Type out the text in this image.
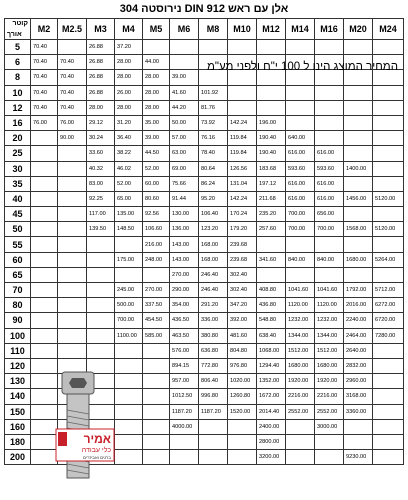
אלן עם ראש DIN 912 נירוסטה 304
קוטר
אורך	M2	M2.5	M3	M4	M5	M6	M8	M10	M12	M14	M16	M20	M24
5	70.40		26.88	37.20									
6	70.40	70.40	26.88	28.00	44.00								
8	70.40	70.40	26.88	28.00	28.00	39.00							
10	70.40	70.40	26.88	26.00	28.00	41.60	101.92						
12	70.40	70.40	28.00	28.00	28.00	44.20	81.76						
16	76.00	76.00	29.12	31.20	35.00	50.00	73.92	142.24	196.00				
20		90.00	30.24	36.40	39.00	57.00	76.16	119.84	190.40	640.00			
25			33.60	38.22	44.50	63.00	78.40	119.84	190.40	616.00	616.00		
30			40.32	46.02	52.00	69.00	80.64	126.56	183.68	593.60	593.60	1400.00	
35			83.00	52.00	60.00	75.66	86.24	131.04	197.12	616.00	616.00		
40			92.25	65.00	80.60	91.44	95.20	142.24	211.68	616.00	616.00	1456.00	5120.00
45			117.00	135.00	92.56	130.00	106.40	170.24	235.20	700.00	656.00		
50			139.50	148.50	106.60	136.00	123.20	179.20	257.60	700.00	700.00	1568.00	5120.00
55					216.00	143.00	168.00	239.68					
60				175.00	248.00	143.00	168.00	239.68	341.60	840.00	840.00	1680.00	5264.00
65						270.00	246.40	302.40					
70				245.00	270.00	290.00	246.40	302.40	408.80	1041.60	1041.60	1792.00	5712.00
80				500.00	337.50	354.00	291.20	347.20	436.80	1120.00	1120.00	2016.00	6272.00
90				700.00	454.50	436.50	336.00	392.00	548.80	1232.00	1232.00	2240.00	6720.00
100				1100.00	585.00	463.50	380.80	481.60	638.40	1344.00	1344.00	2464.00	7280.00
110						576.00	636.80	804.80	1068.00	1512.00	1512.00	2640.00	
120						894.15	772.80	976.80	1294.40	1680.00	1680.00	2832.00	
130						957.00	806.40	1020.00	1352.00	1920.00	1920.00	2960.00	
140						1012.50	996.80	1260.80	1672.00	2216.00	2216.00	3168.00	
150						1187.20	1187.20	1520.00	2014.40	2552.00	2552.00	3360.00	
160						4000.00			2400.00		3000.00		
180									2800.00				
200									3200.00			9230.00	
המחיר המוצג הינו ל 100 י"ח ולפני מע"מ
אמיר
כלי עבודה
ברגים ואביזרים
